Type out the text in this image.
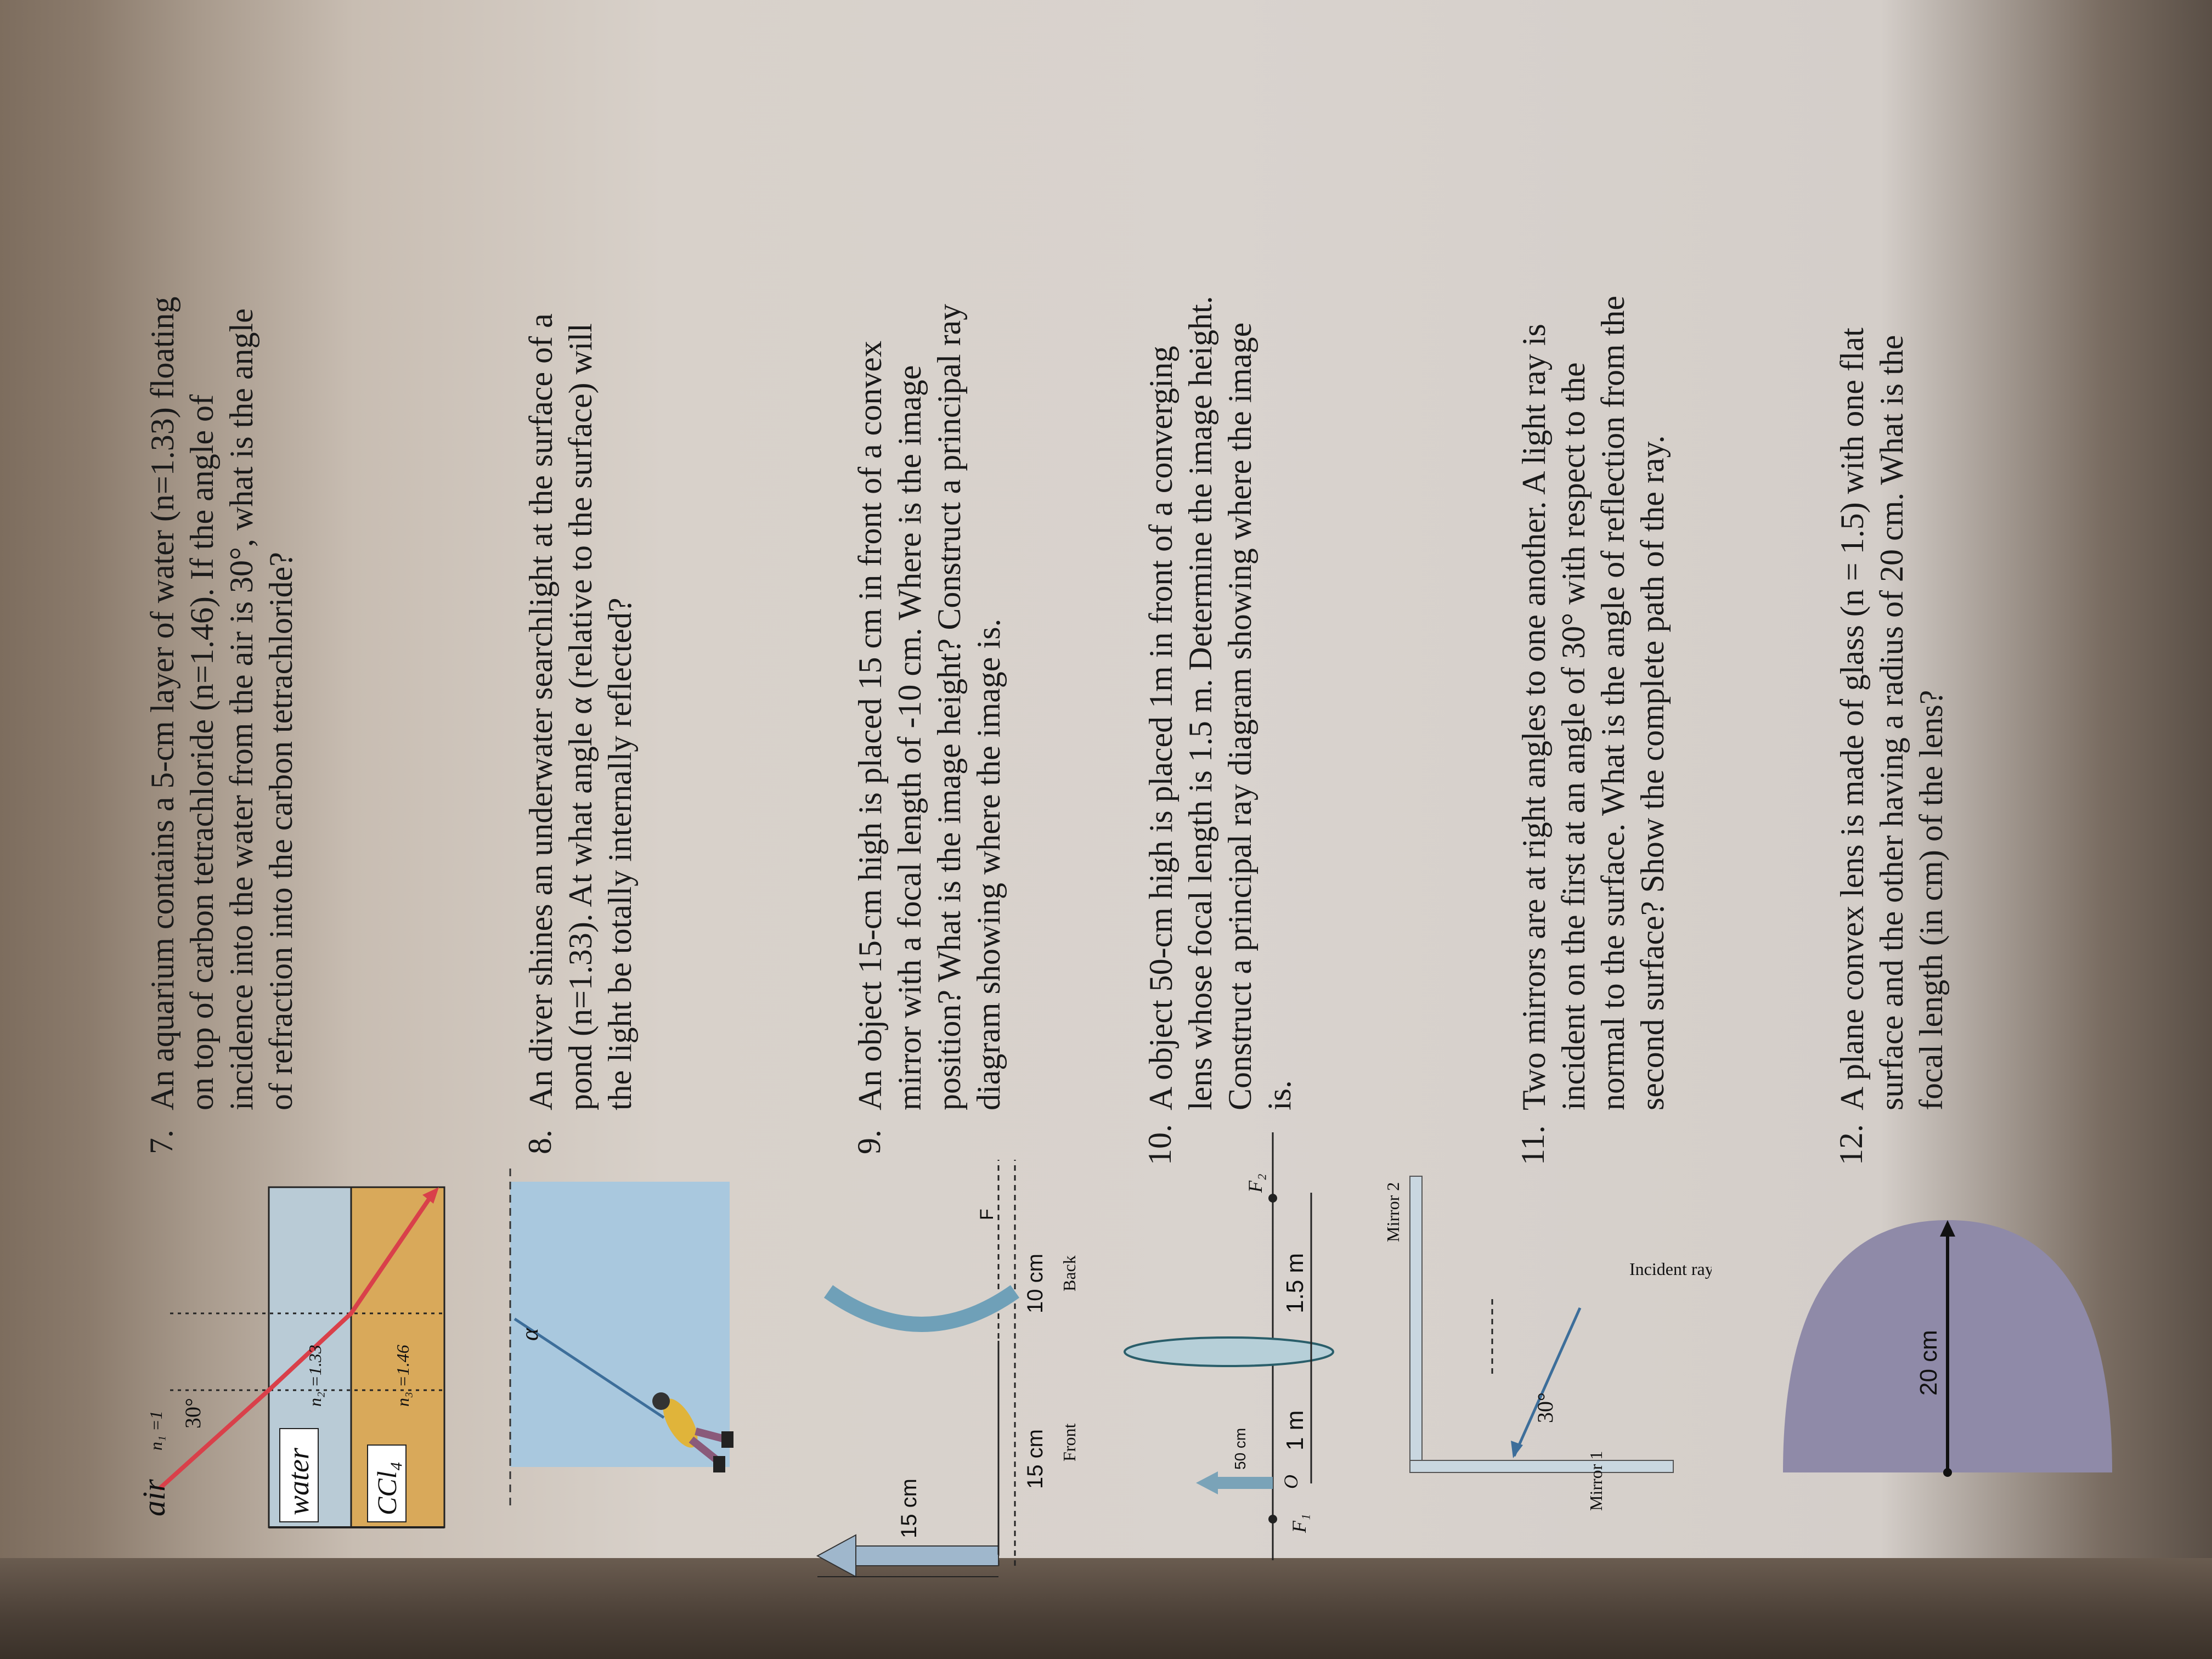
air
n₁ =1 30°
water
n₂ =1.33
CCl₄
n₃ =1.46
7.
An aquarium contains a 5-cm layer of water (n=1.33) floating on top of carbon tetrachloride (n=1.46). If the angle of incidence into the water from the air is 30°, what is the angle of refraction into the carbon tetrachloride?
α
8.
An diver shines an underwater searchlight at the surface of a pond (n=1.33). At what angle α (relative to the surface) will the light be totally internally reflected?
15 cm
15 cm
10 cm
Front
Back
F
9.
An object 15-cm high is placed 15 cm in front of a convex mirror with a focal length of -10 cm. Where is the image position? What is the image height? Construct a principal ray diagram showing where the image is.
50 cm
F₁
O
F₂
1 m
1.5 m
10.
A object 50-cm high is placed 1m in front of a converging lens whose focal length is 1.5 m. Determine the image height. Construct a principal ray diagram showing where the image is.
30°
Incident ray
Mirror 1
Mirror 2
11.
Two mirrors are at right angles to one another. A light ray is incident on the first at an angle of 30° with respect to the normal to the surface. What is the angle of reflection from the second surface? Show the complete path of the ray.
20 cm
12.
A plane convex lens is made of glass (n = 1.5) with one flat surface and the other having a radius of 20 cm. What is the focal length (in cm) of the lens?
